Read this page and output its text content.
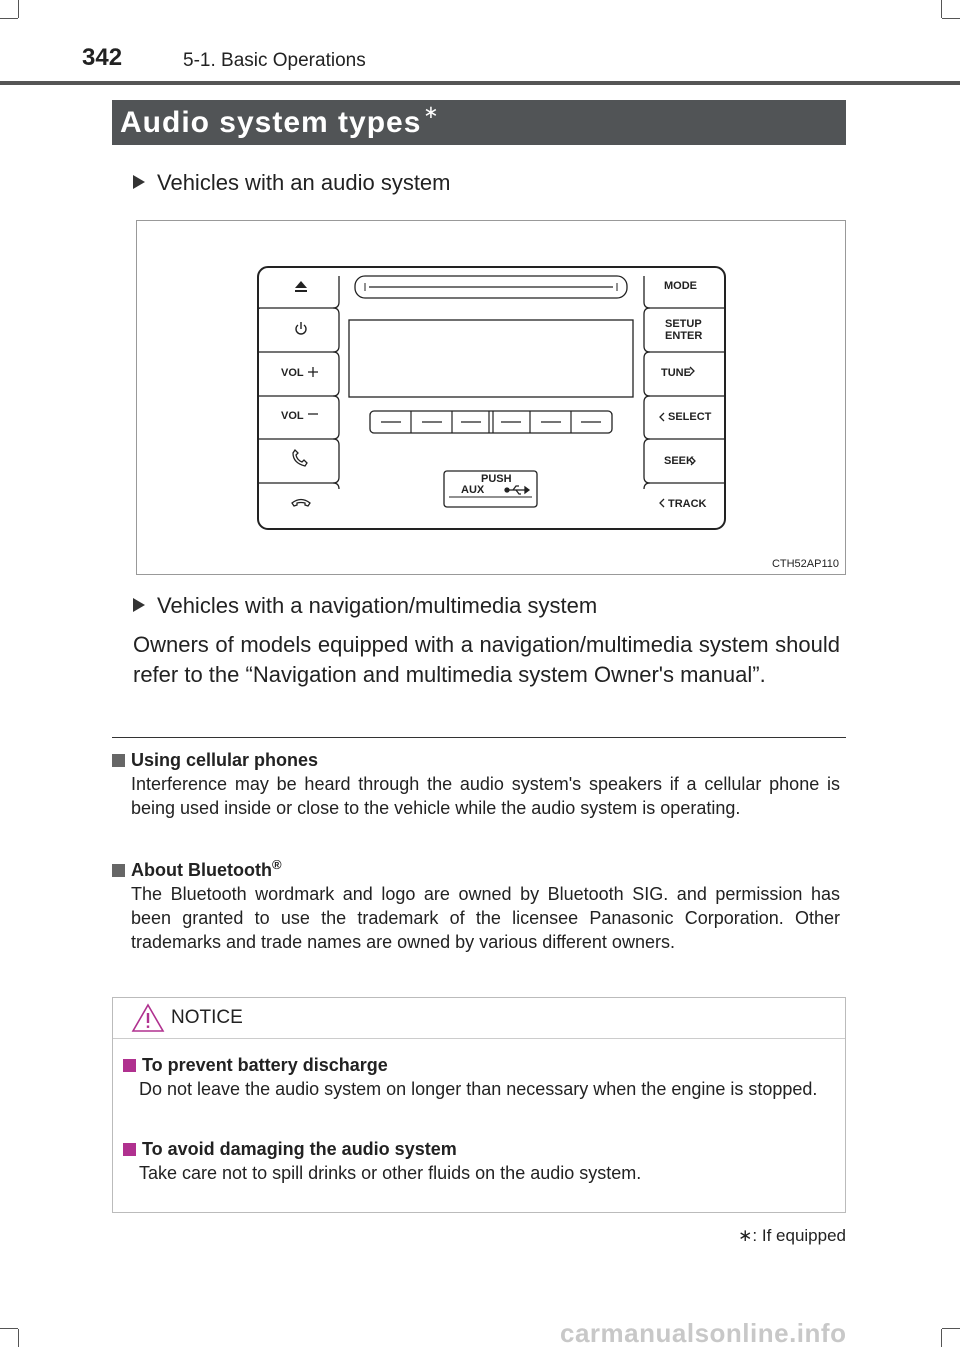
342	5-1. Basic Operations
Audio system types ∗
Vehicles with an audio system
MODE
SETUP
ENTER
TUNE
SELECT
SEEK
TRACK
VOL
VOL
PUSH
AUX
CTH52AP110
Vehicles with a navigation/multimedia system
Owners of models equipped with a navigation/multimedia system should refer to the “Navigation and multimedia system Owner's manual”.
Using cellular phones
Interference may be heard through the audio system's speakers if a cellular phone is being used inside or close to the vehicle while the audio system is operating.
About Bluetooth®
The Bluetooth wordmark and logo are owned by Bluetooth SIG. and permission has been granted to use the trademark of the licensee Panasonic Corporation. Other trademarks and trade names are owned by various different owners.
NOTICE
To prevent battery discharge
Do not leave the audio system on longer than necessary when the engine is stopped.
To avoid damaging the audio system
Take care not to spill drinks or other fluids on the audio system.
∗: If equipped
carmanualsonline.info
